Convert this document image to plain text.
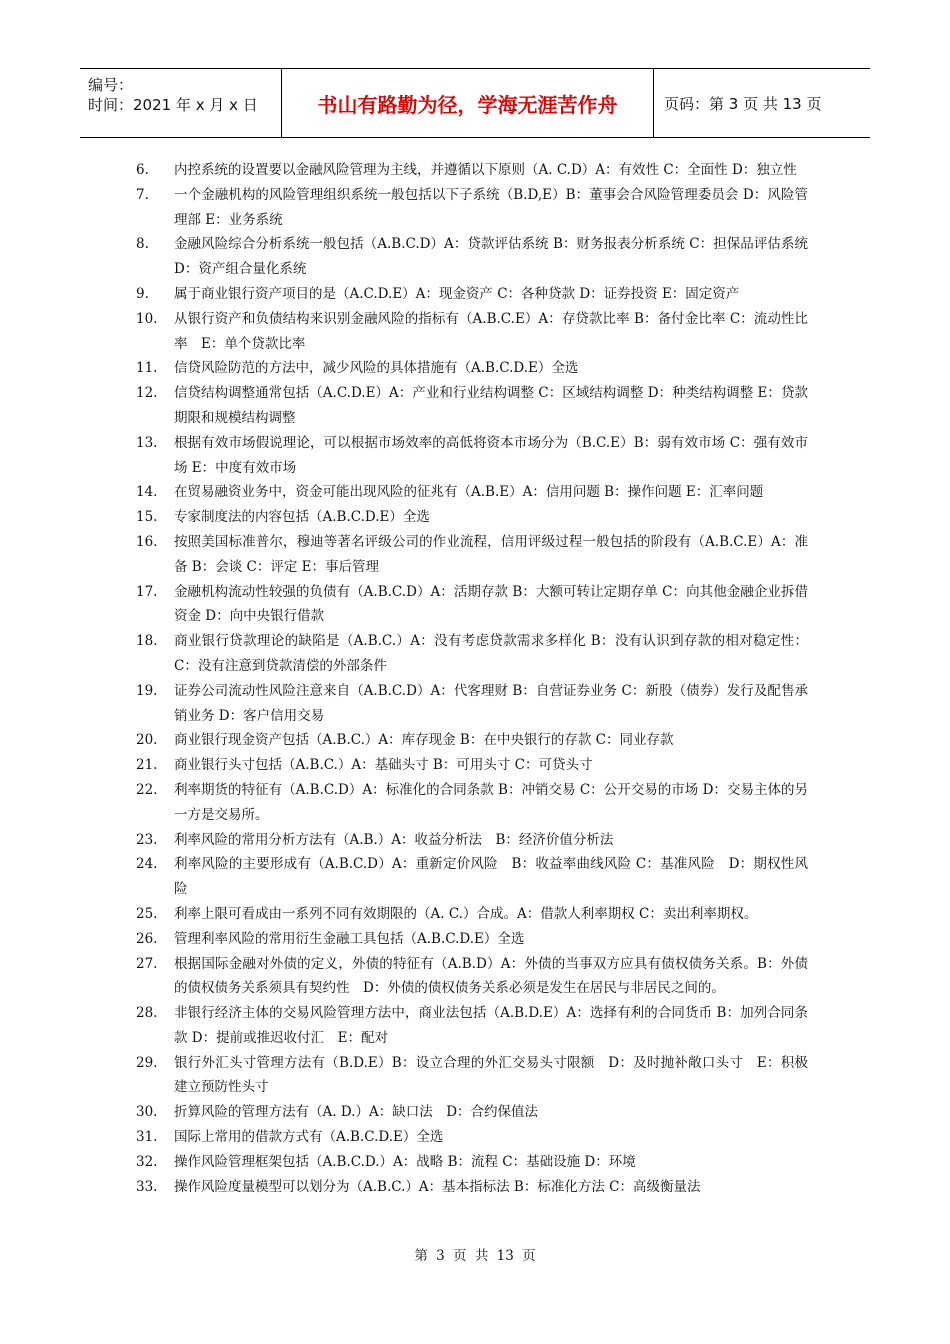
编号：
时间：2021 年 x 月 x 日	书山有路勤为径，学海无涯苦作舟	页码：第 3 页 共 13 页
6.	内控系统的设置要以金融风险管理为主线，并遵循以下原则（A. C.D）A：有效性 C：全面性 D：独立性
7.	一个金融机构的风险管理组织系统一般包括以下子系统（B.D,E）B：董事会合风险管理委员会 D：风险管理部 E：业务系统
8.	金融风险综合分析系统一般包括（A.B.C.D）A：贷款评估系统 B：财务报表分析系统 C：担保品评估系统 D：资产组合量化系统
9.	属于商业银行资产项目的是（A.C.D.E）A：现金资产 C：各种贷款 D：证券投资 E：固定资产
10.	从银行资产和负债结构来识别金融风险的指标有（A.B.C.E）A：存贷款比率 B：备付金比率 C：流动性比率　E：单个贷款比率
11.	信贷风险防范的方法中，减少风险的具体措施有（A.B.C.D.E）全选
12.	信贷结构调整通常包括（A.C.D.E）A：产业和行业结构调整 C：区域结构调整 D：种类结构调整 E：贷款期限和规模结构调整
13.	根据有效市场假说理论，可以根据市场效率的高低将资本市场分为（B.C.E）B：弱有效市场 C：强有效市场 E：中度有效市场
14.	在贸易融资业务中，资金可能出现风险的征兆有（A.B.E）A：信用问题 B：操作问题 E：汇率问题
15.	专家制度法的内容包括（A.B.C.D.E）全选
16.	按照美国标准普尔，穆迪等著名评级公司的作业流程，信用评级过程一般包括的阶段有（A.B.C.E）A：准备 B：会谈 C：评定 E：事后管理
17.	金融机构流动性较强的负债有（A.B.C.D）A：活期存款 B：大额可转让定期存单 C：向其他金融企业拆借资金 D：向中央银行借款
18.	商业银行贷款理论的缺陷是（A.B.C.）A：没有考虑贷款需求多样化 B：没有认识到存款的相对稳定性：C：没有注意到贷款清偿的外部条件
19.	证券公司流动性风险注意来自（A.B.C.D）A：代客理财 B：自营证券业务 C：新股（债券）发行及配售承销业务 D：客户信用交易
20.	商业银行现金资产包括（A.B.C.）A：库存现金 B：在中央银行的存款 C：同业存款
21.	商业银行头寸包括（A.B.C.）A：基础头寸 B：可用头寸 C：可贷头寸
22.	利率期货的特征有（A.B.C.D）A：标准化的合同条款 B：冲销交易 C：公开交易的市场 D：交易主体的另一方是交易所。
23.	利率风险的常用分析方法有（A.B.）A：收益分析法　B：经济价值分析法
24.	利率风险的主要形成有（A.B.C.D）A：重新定价风险　B：收益率曲线风险 C：基准风险　D：期权性风险
25.	利率上限可看成由一系列不同有效期限的（A. C.）合成。A：借款人利率期权 C：卖出利率期权。
26.	管理利率风险的常用衍生金融工具包括（A.B.C.D.E）全选
27.	根据国际金融对外债的定义，外债的特征有（A.B.D）A：外债的当事双方应具有债权债务关系。B：外债的债权债务关系须具有契约性　D：外债的债权债务关系必须是发生在居民与非居民之间的。
28.	非银行经济主体的交易风险管理方法中，商业法包括（A.B.D.E）A：选择有利的合同货币 B：加列合同条款 D：提前或推迟收付汇　E：配对
29.	银行外汇头寸管理方法有（B.D.E）B：设立合理的外汇交易头寸限额　D：及时抛补敞口头寸　E：积极建立预防性头寸
30.	折算风险的管理方法有（A. D.）A：缺口法　D：合约保值法
31.	国际上常用的借款方式有（A.B.C.D.E）全选
32.	操作风险管理框架包括（A.B.C.D.）A：战略 B：流程 C：基础设施 D：环境
33.	操作风险度量模型可以划分为（A.B.C.）A：基本指标法 B：标准化方法 C：高级衡量法
第 3 页 共 13 页
